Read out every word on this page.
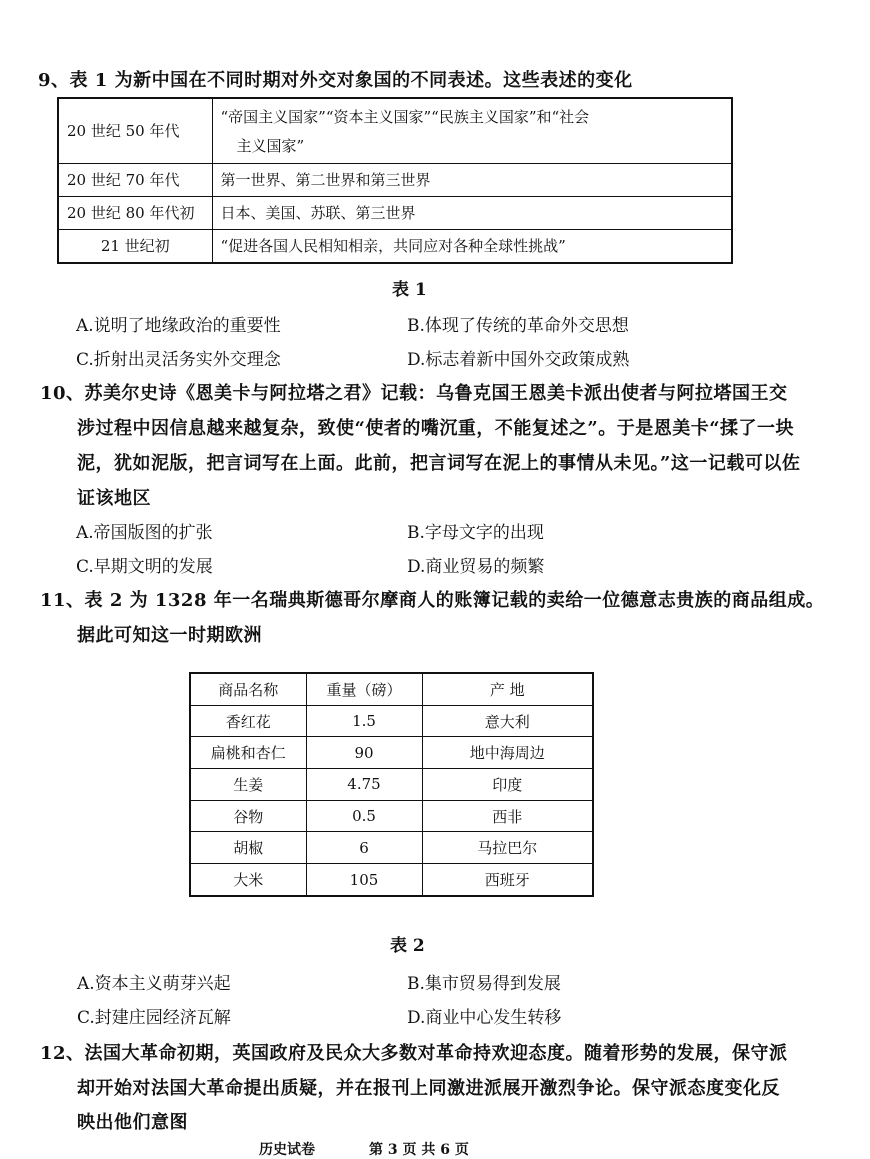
9、表 1 为新中国在不同时期对外交对象国的不同表述。这些表述的变化
20 世纪 50 年代	“帝国主义国家”“资本主义国家”“民族主义国家”和“社会
主义国家”

20 世纪 70 年代	第一世界、第二世界和第三世界
20 世纪 80 年代初	日本、美国、苏联、第三世界
21 世纪初	“促进各国人民相知相亲，共同应对各种全球性挑战”
表 1
A.说明了地缘政治的重要性	B.体现了传统的革命外交思想
C.折射出灵活务实外交理念	D.标志着新中国外交政策成熟
10、苏美尔史诗《恩美卡与阿拉塔之君》记载：乌鲁克国王恩美卡派出使者与阿拉塔国王交
涉过程中因信息越来越复杂，致使“使者的嘴沉重，不能复述之”。于是恩美卡“揉了一块
泥，犹如泥版，把言词写在上面。此前，把言词写在泥上的事情从未见。”这一记载可以佐
证该地区
A.帝国版图的扩张	B.字母文字的出现
C.早期文明的发展	D.商业贸易的频繁
11、表 2 为 1328 年一名瑞典斯德哥尔摩商人的账簿记载的卖给一位德意志贵族的商品组成。
据此可知这一时期欧洲
商品名称	重量（磅）	产 地
香红花	1.5	意大利
扁桃和杏仁	90	地中海周边
生姜	4.75	印度
谷物	0.5	西非
胡椒	6	马拉巴尔
大米	105	西班牙
表 2
A.资本主义萌芽兴起	B.集市贸易得到发展
C.封建庄园经济瓦解	D.商业中心发生转移
12、法国大革命初期，英国政府及民众大多数对革命持欢迎态度。随着形势的发展，保守派
却开始对法国大革命提出质疑，并在报刊上同激进派展开激烈争论。保守派态度变化反
映出他们意图
历史试卷	第 3 页 共 6 页
